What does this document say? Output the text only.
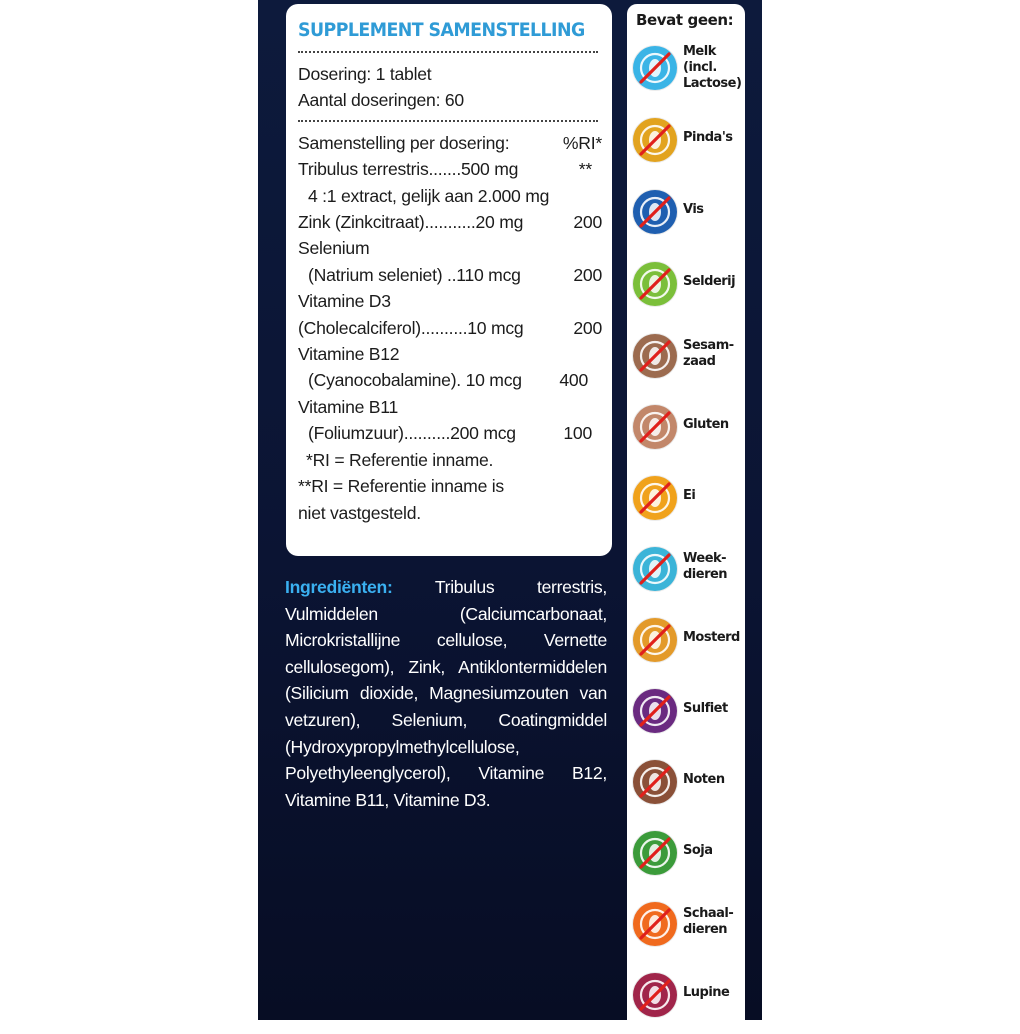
SUPPLEMENT SAMENSTELLING
Dosering: 1 tablet
Aantal doseringen: 60
Samenstelling per dosering:	%RI*
Tribulus terrestris.......500 mg	**
4 :1 extract, gelijk aan 2.000 mg
Zink (Zinkcitraat)...........20 mg	200
Selenium
(Natrium seleniet) ..110 mcg	200
Vitamine D3
(Cholecalciferol)..........10 mcg	200
Vitamine B12
(Cyanocobalamine). 10 mcg 400
Vitamine B11
(Foliumzuur)..........200 mcg	100
*RI = Referentie inname.
**RI = Referentie inname is
niet vastgesteld.
Ingrediënten: Tribulus terrestris, Vulmiddelen (Calciumcarbonaat, Microkristallijne cellulose, Vernette cellulosegom), Zink, Antiklontermiddelen (Silicium dioxide, Magnesiumzouten van vetzuren), Selenium, Coatingmiddel (Hydroxypropylmethylcellulose, Polyethyleenglycerol), Vitamine B12, Vitamine B11, Vitamine D3.
Bevat geen:
Melk
(incl.
Lactose)
Pinda's
Vis
Selderij
Sesam-
zaad
Gluten
Ei
Week-
dieren
Mosterd
Sulfiet
Noten
Soja
Schaal-
dieren
Lupine
